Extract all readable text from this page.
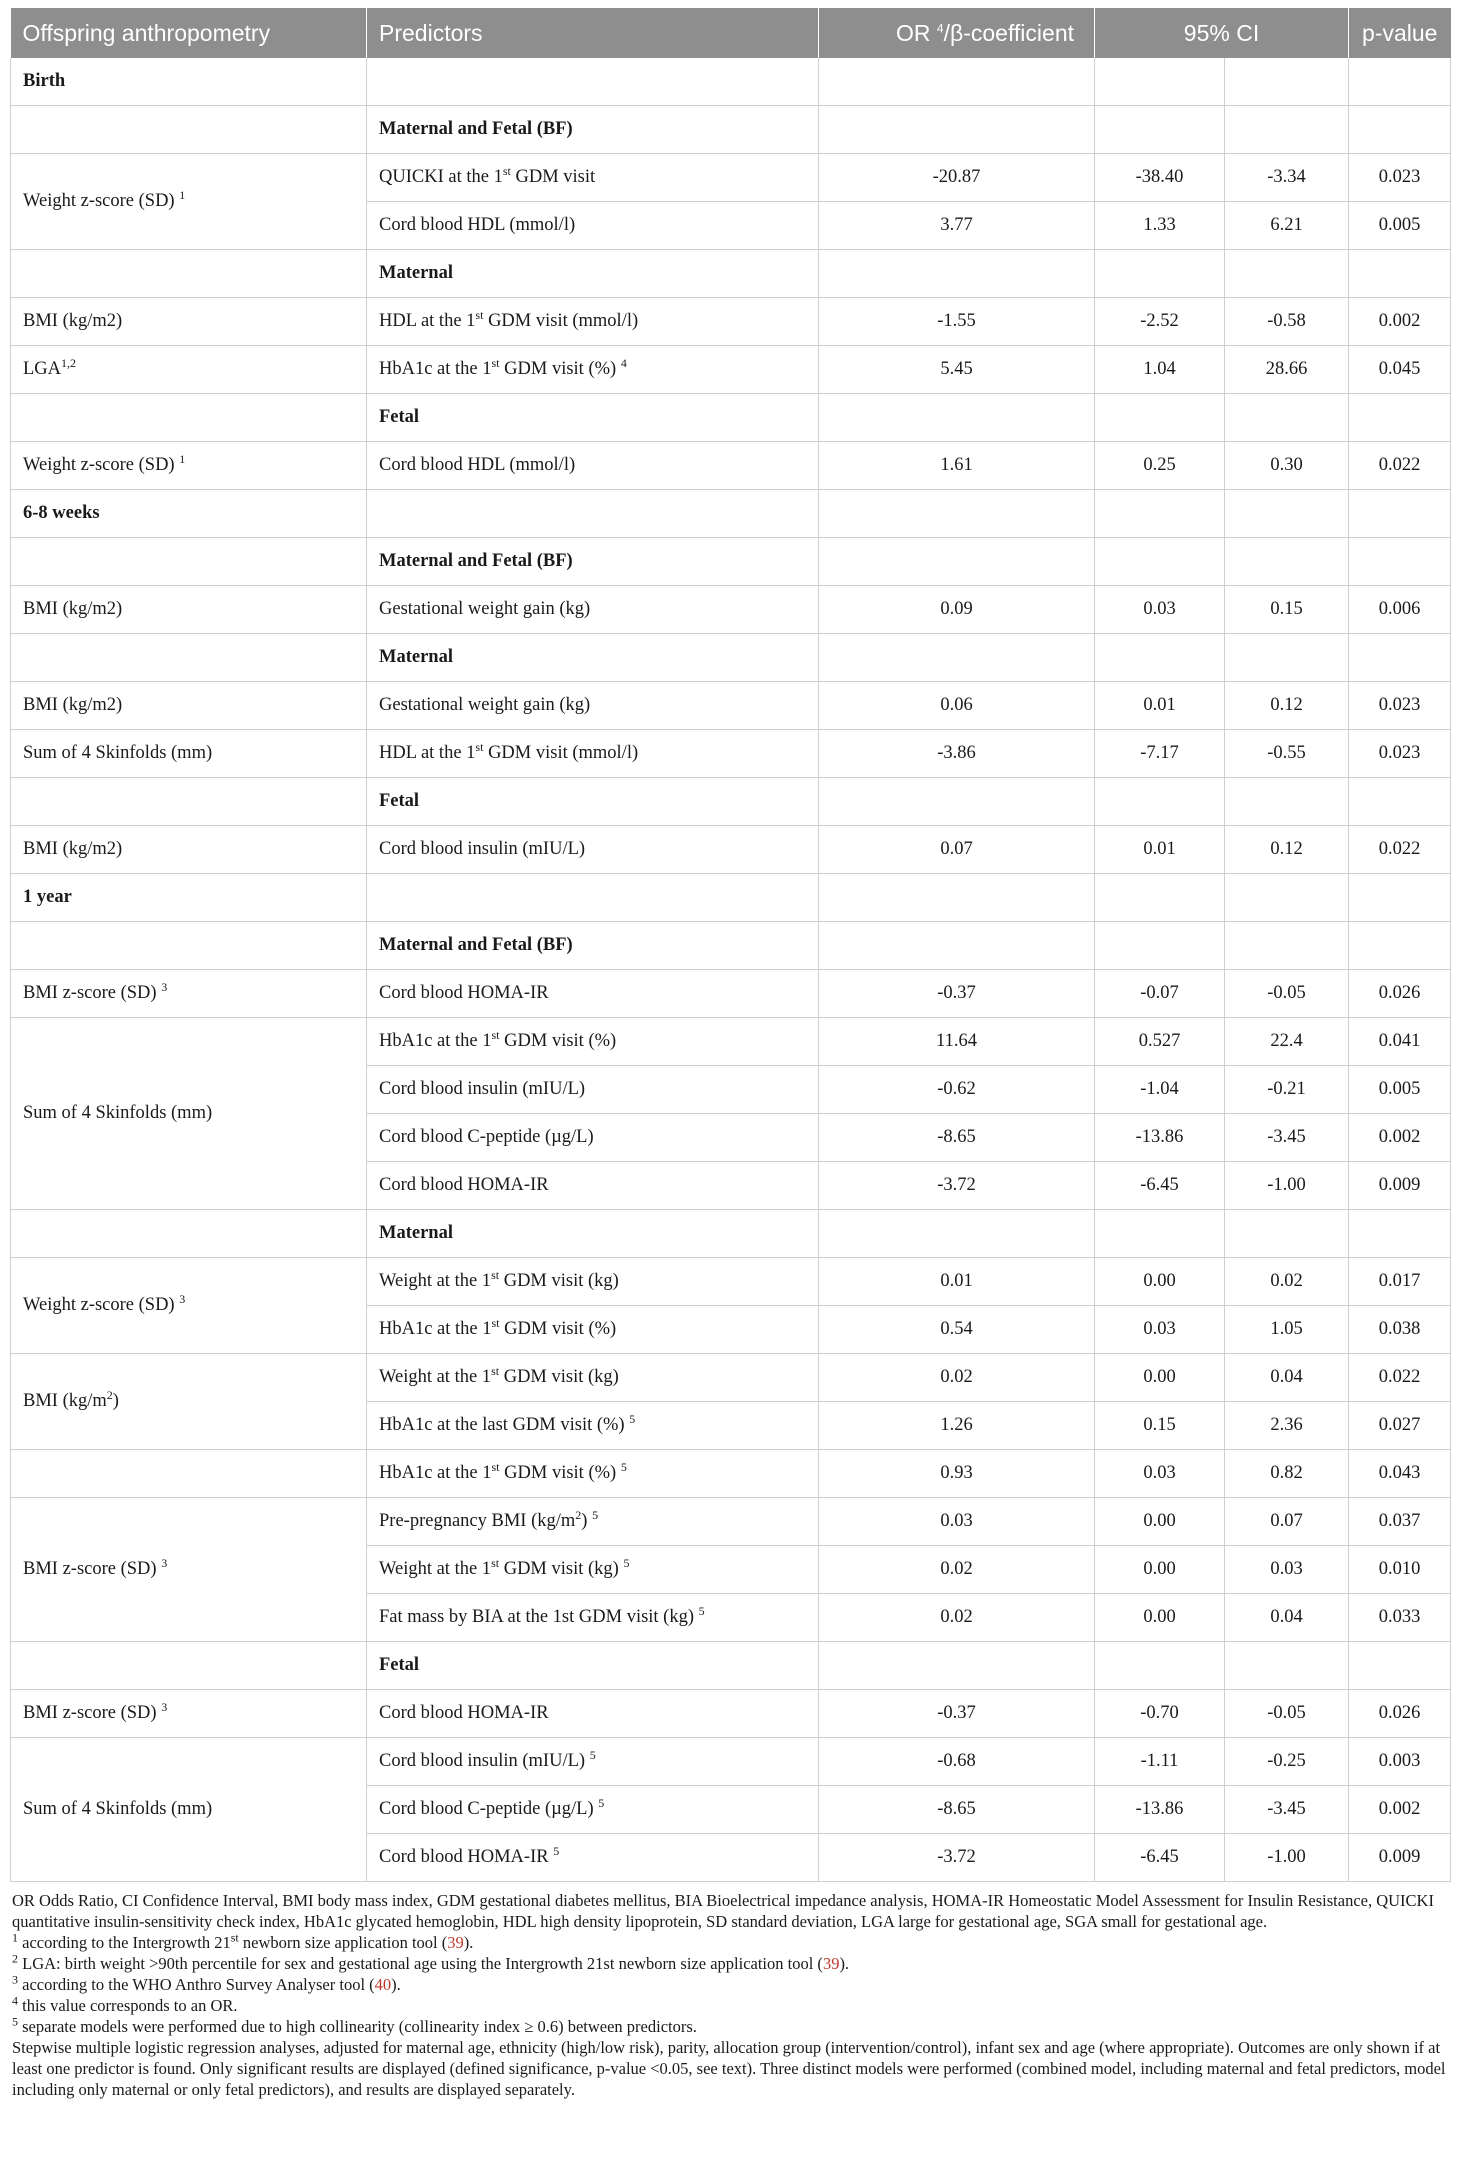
Offspring anthropometry	Predictors	OR $^4$/β-coefficient	95% CI		p-value
Birth					
	Maternal and Fetal (BF)				
Weight z-score (SD) $^1$	QUICKI at the 1st GDM visit	-20.87	-38.40	-3.34	0.023
	Cord blood HDL (mmol/l)	3.77	1.33	6.21	0.005
	Maternal				
BMI (kg/m2)	HDL at the 1st GDM visit (mmol/l)	-1.55	-2.52	-0.58	0.002
LGA$^{1,2}$	HbA1c at the 1st GDM visit (%) $^4$	5.45	1.04	28.66	0.045
	Fetal				
Weight z-score (SD) $^1$	Cord blood HDL (mmol/l)	1.61	0.25	0.30	0.022
6-8 weeks					
	Maternal and Fetal (BF)				
BMI (kg/m2)	Gestational weight gain (kg)	0.09	0.03	0.15	0.006
	Maternal				
BMI (kg/m2)	Gestational weight gain (kg)	0.06	0.01	0.12	0.023
Sum of 4 Skinfolds (mm)	HDL at the 1st GDM visit (mmol/l)	-3.86	-7.17	-0.55	0.023
	Fetal				
BMI (kg/m2)	Cord blood insulin (mIU/L)	0.07	0.01	0.12	0.022
1 year					
	Maternal and Fetal (BF)				
BMI z-score (SD) $^3$	Cord blood HOMA-IR	-0.37	-0.07	-0.05	0.026
Sum of 4 Skinfolds (mm)	HbA1c at the 1st GDM visit (%)	11.64	0.527	22.4	0.041
	Cord blood insulin (mIU/L)	-0.62	-1.04	-0.21	0.005
	Cord blood C-peptide (µg/L)	-8.65	-13.86	-3.45	0.002
	Cord blood HOMA-IR	-3.72	-6.45	-1.00	0.009
	Maternal				
Weight z-score (SD) $^3$	Weight at the 1st GDM visit (kg)	0.01	0.00	0.02	0.017
	HbA1c at the 1st GDM visit (%)	0.54	0.03	1.05	0.038
BMI $(kg/m^2)$	Weight at the 1st GDM visit (kg)	0.02	0.00	0.04	0.022
	HbA1c at the last GDM visit (%) $^5$	1.26	0.15	2.36	0.027
	HbA1c at the 1st GDM visit (%) $^5$	0.93	0.03	0.82	0.043
BMI z-score (SD) $^3$	Pre-pregnancy BMI $(kg/m^2)$ $^5$	0.03	0.00	0.07	0.037
	Weight at the 1st GDM visit (kg) $^5$	0.02	0.00	0.03	0.010
	Fat mass by BIA at the 1st GDM visit (kg) $^5$	0.02	0.00	0.04	0.033
	Fetal				
BMI z-score (SD) $^3$	Cord blood HOMA-IR	-0.37	-0.70	-0.05	0.026
Sum of 4 Skinfolds (mm)	Cord blood insulin (mIU/L) $^5$	-0.68	-1.11	-0.25	0.003
	Cord blood C-peptide (µg/L) $^5$	-8.65	-13.86	-3.45	0.002
	Cord blood HOMA-IR $^5$	-3.72	-6.45	-1.00	0.009

OR Odds Ratio, CI Confidence Interval, BMI body mass index, GDM gestational diabetes mellitus, BIA Bioelectrical impedance analysis, HOMA-IR Homeostatic Model Assessment for Insulin Resistance, QUICKI quantitative insulin-sensitivity check index, HbA1c glycated hemoglobin, HDL high density lipoprotein, SD standard deviation, LGA large for gestational age, SGA small for gestational age.

$^1$ according to the Intergrowth 21st newborn size application tool (39).

$^2$ LGA: birth weight >90th percentile for sex and gestational age using the Intergrowth 21st newborn size application tool (39).

$^3$ according to the WHO Anthro Survey Analyser tool (40).

$^4$ this value corresponds to an OR.

$^5$ separate models were performed due to high collinearity (collinearity index ≥ 0.6) between predictors.

Stepwise multiple logistic regression analyses, adjusted for maternal age, ethnicity (high/low risk), parity, allocation group (intervention/control), infant sex and age (where appropriate). Outcomes are only shown if at least one predictor is found. Only significant results are displayed (defined significance, p-value <0.05, see text). Three distinct models were performed (combined model, including maternal and fetal predictors, model including only maternal or only fetal predictors), and results are displayed separately.
